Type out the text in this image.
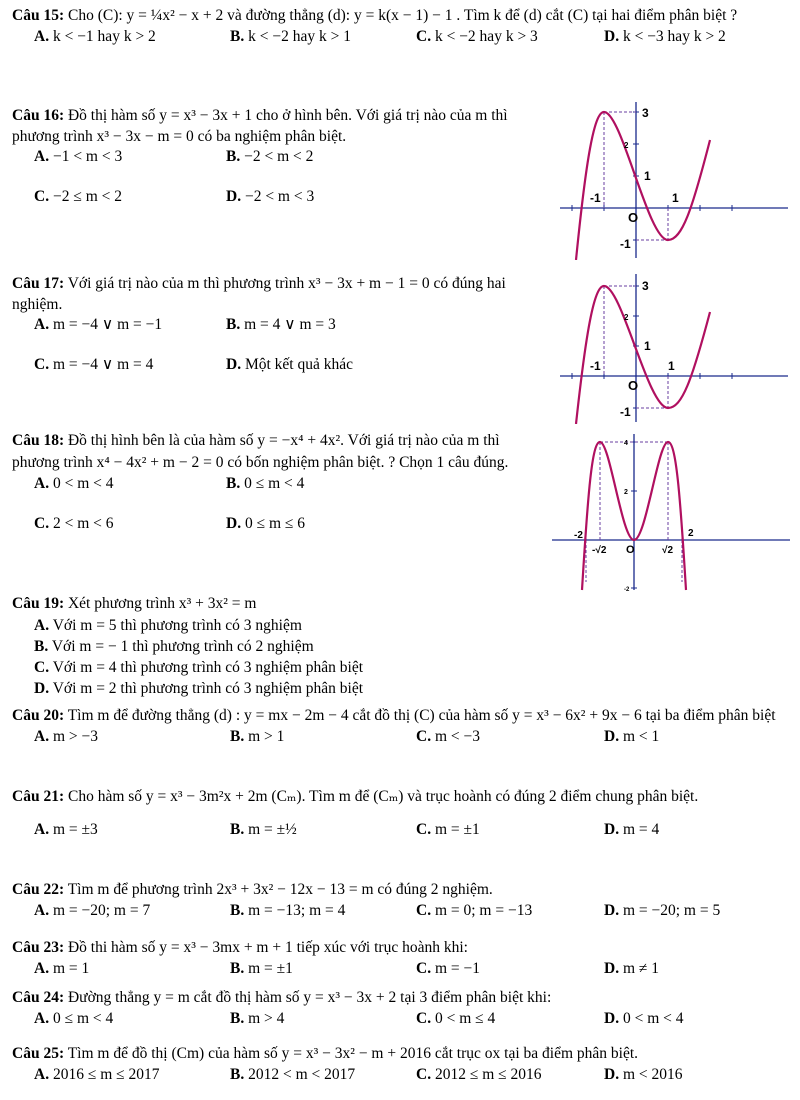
Câu 15: Cho (C): y = ¼x² − x + 2 và đường thẳng (d): y = k(x − 1) − 1 . Tìm k để (d) cắt (C) tại hai điểm phân biệt ?
A. k < −1 hay k > 2	B. k < −2 hay k > 1	C. k < −2 hay k > 3	D. k < −3 hay k > 2
Câu 16: Đồ thị hàm số y = x³ − 3x + 1 cho ở hình bên. Với giá trị nào của m thì phương trình x³ − 3x − m = 0 có ba nghiệm phân biệt.
A. −1 < m < 3	B. −2 < m < 2
C. −2 ≤ m < 2	D. −2 < m < 3
3
2
1
-1	1
O
-1
Câu 17: Với giá trị nào của m thì phương trình x³ − 3x + m − 1 = 0 có đúng hai nghiệm.
A. m = −4 ∨ m = −1	B. m = 4 ∨ m = 3
C. m = −4 ∨ m = 4	D. Một kết quả khác
3
2
1
-1	1
O
-1
Câu 18: Đồ thị hình bên là của hàm số y = −x⁴ + 4x². Với giá trị nào của m thì phương trình x⁴ − 4x² + m − 2 = 0 có bốn nghiệm phân biệt. ? Chọn 1 câu đúng.
A. 0 < m < 4	B. 0 ≤ m < 4
C. 2 < m < 6	D. 0 ≤ m ≤ 6
4
2
-2	2
-√2	√2
O
-2
Câu 19: Xét phương trình x³ + 3x² = m
A. Với m = 5 thì phương trình có 3 nghiệm
B. Với m = − 1 thì phương trình có 2 nghiệm
C. Với m = 4 thì phương trình có 3 nghiệm phân biệt
D. Với m = 2 thì phương trình có 3 nghiệm phân biệt
Câu 20: Tìm m để đường thẳng (d) : y = mx − 2m − 4 cắt đồ thị (C) của hàm số y = x³ − 6x² + 9x − 6 tại ba điểm phân biệt
A. m > −3	B. m > 1	C. m < −3	D. m < 1
Câu 21: Cho hàm số y = x³ − 3m²x + 2m (Cₘ). Tìm m để (Cₘ) và trục hoành có đúng 2 điểm chung phân biệt.
A. m = ±3	B. m = ±½	C. m = ±1	D. m = 4
Câu 22: Tìm m để phương trình 2x³ + 3x² − 12x − 13 = m có đúng 2 nghiệm.
A. m = −20; m = 7	B. m = −13; m = 4	C. m = 0; m = −13	D. m = −20; m = 5
Câu 23: Đồ thi hàm số y = x³ − 3mx + m + 1 tiếp xúc với trục hoành khi:
A. m = 1	B. m = ±1	C. m = −1	D. m ≠ 1
Câu 24: Đường thẳng y = m cắt đồ thị hàm số y = x³ − 3x + 2 tại 3 điểm phân biệt khi:
A. 0 ≤ m < 4	B. m > 4	C. 0 < m ≤ 4	D. 0 < m < 4
Câu 25: Tìm m để đồ thị (Cm) của hàm số y = x³ − 3x² − m + 2016 cắt trục ox tại ba điểm phân biệt.
A. 2016 ≤ m ≤ 2017	B. 2012 < m < 2017	C. 2012 ≤ m ≤ 2016	D. m < 2016
